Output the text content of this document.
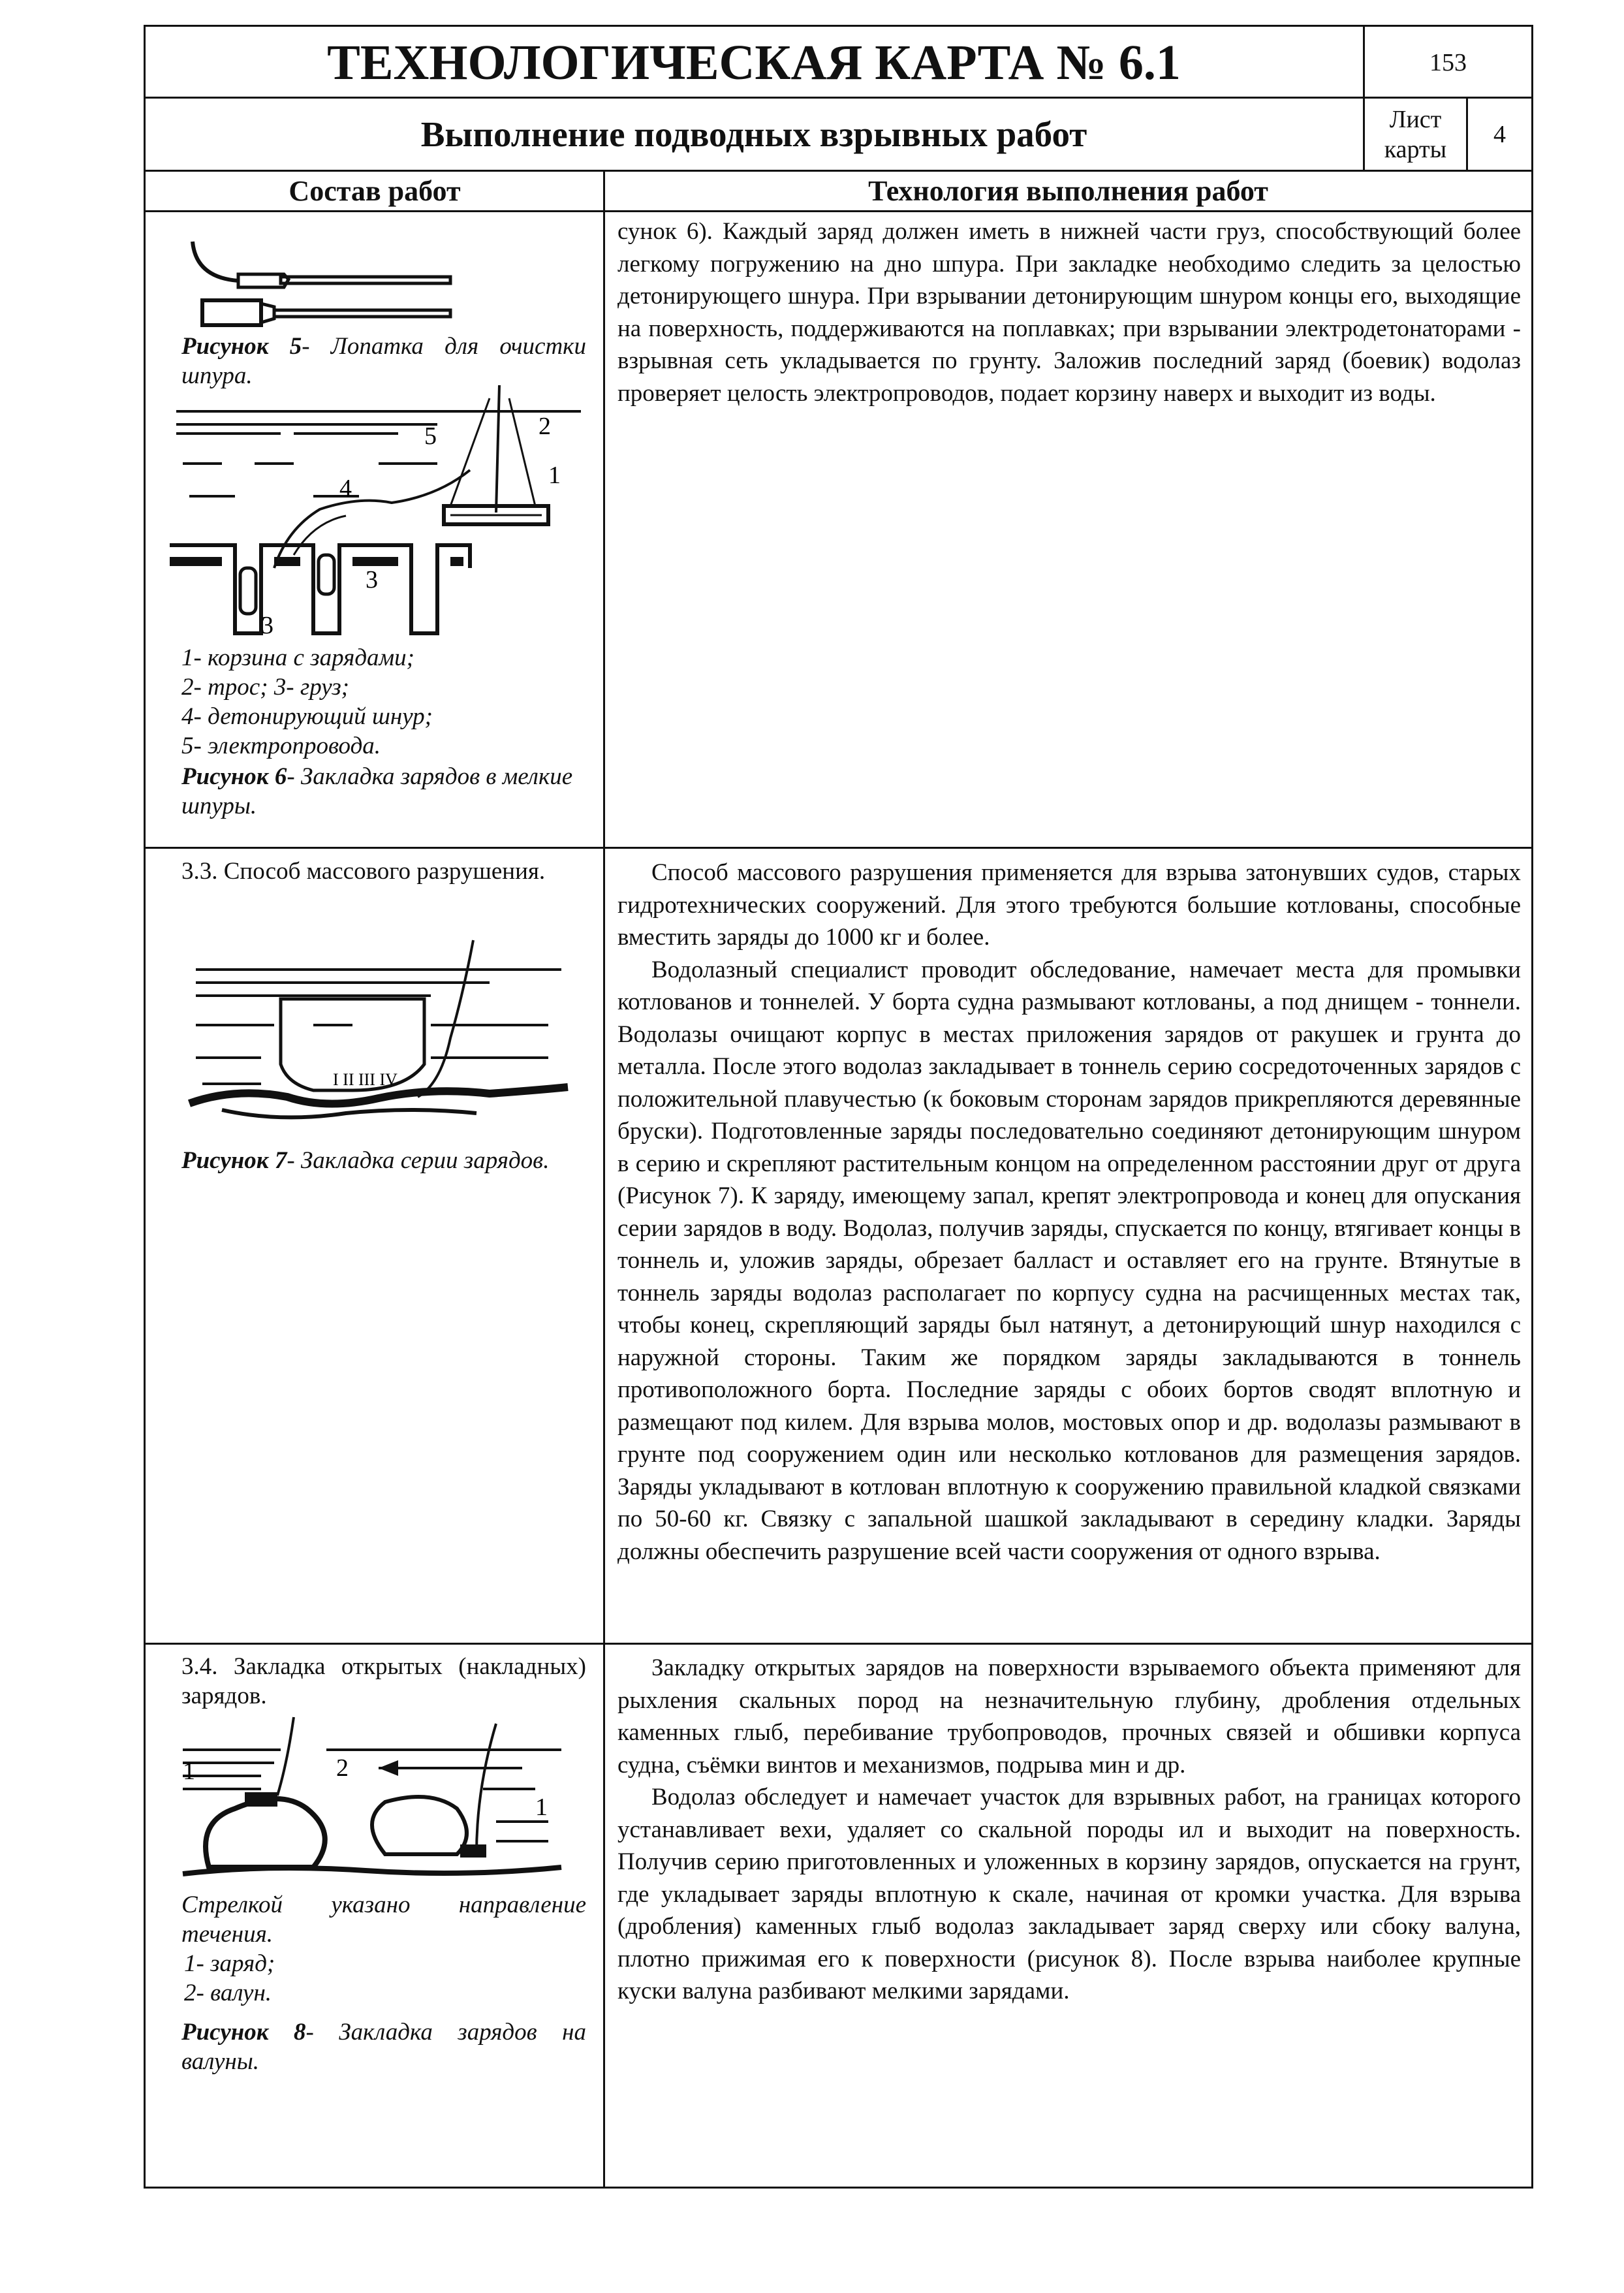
ТЕХНОЛОГИЧЕСКАЯ КАРТА № 6.1
Выполнение подводных взрывных работ
153
Лист
карты
4
Состав работ	Технология выполнения работ
Рисунок 5- Лопатка для очистки шпура.
5	2
1
4
3
3

1- корзина с зарядами;

2- трос; 3- груз;

4- детонирующий шнур;

5- электропровода.

Рисунок 6- Закладка зарядов в мелкие шпуры.

сунок 6). Каждый заряд должен иметь в нижней части груз, способствующий более легкому погружению на дно шпура. При закладке необходимо следить за целостью детонирующего шнура. При взрывании детонирующим шнуром концы его, выходящие на поверхность, поддерживаются на поплавках; при взрывании электродетонаторами - взрывная сеть укладывается по грунту. Заложив последний заряд (боевик) водолаз проверяет целость электропроводов, подает корзину наверх и выходит из воды.

3.3. Способ массового разрушения.
I II III IV
Рисунок 7- Закладка серии зарядов.

Способ массового разрушения применяется для взрыва затонувших судов, старых гидротехнических сооружений. Для этого требуются большие котлованы, способные вместить заряды до 1000 кг и более.

Водолазный специалист проводит обследование, намечает места для промывки котлованов и тоннелей. У борта судна размывают котлованы, а под днищем - тоннели. Водолазы очищают корпус в местах приложения зарядов от ракушек и грунта до металла. После этого водолаз закладывает в тоннель серию сосредоточенных зарядов с положительной плавучестью (к боковым сторонам зарядов прикрепляются деревянные бруски). Подготовленные заряды последовательно соединяют детонирующим шнуром в серию и скрепляют растительным концом на определенном расстоянии друг от друга (Рисунок 7). К заряду, имеющему запал, крепят электропровода и конец для опускания серии зарядов в воду. Водолаз, получив заряды, спускается по концу, втягивает концы в тоннель и, уложив заряды, обрезает балласт и оставляет его на грунте. Втянутые в тоннель заряды водолаз располагает по корпусу судна на расчищенных местах так, чтобы конец, скрепляющий заряды был натянут, а детонирующий шнур находился с наружной стороны. Таким же порядком заряды закладываются в тоннель противоположного борта. Последние заряды с обоих бортов сводят вплотную и размещают под килем. Для взрыва молов, мостовых опор и др. водолазы размывают в грунте под сооружением один или несколько котлованов для размещения зарядов. Заряды укладывают в котлован вплотную к сооружению правильной кладкой связками по 50-60 кг. Связку с запальной шашкой закладывают в середину кладки. Заряды должны обеспечить разрушение всей части сооружения от одного взрыва.

3.4. Закладка открытых (накладных) зарядов.
1	2
1
Стрелкой указано направление течения.

1- заряд;

2- валун.

Рисунок 8- Закладка зарядов на валуны.

Закладку открытых зарядов на поверхности взрываемого объекта применяют для рыхления скальных пород на незначительную глубину, дробления отдельных каменных глыб, перебивание трубопроводов, прочных связей и обшивки корпуса судна, съёмки винтов и механизмов, подрыва мин и др.

Водолаз обследует и намечает участок для взрывных работ, на границах которого устанавливает вехи, удаляет со скальной породы ил и выходит на поверхность. Получив серию приготовленных и уложенных в корзину зарядов, опускается на грунт, где укладывает заряды вплотную к скале, начиная от кромки участка. Для взрыва (дробления) каменных глыб водолаз закладывает заряд сверху или сбоку валуна, плотно прижимая его к поверхности (рисунок 8). После взрыва наиболее крупные куски валуна разбивают мелкими зарядами.
